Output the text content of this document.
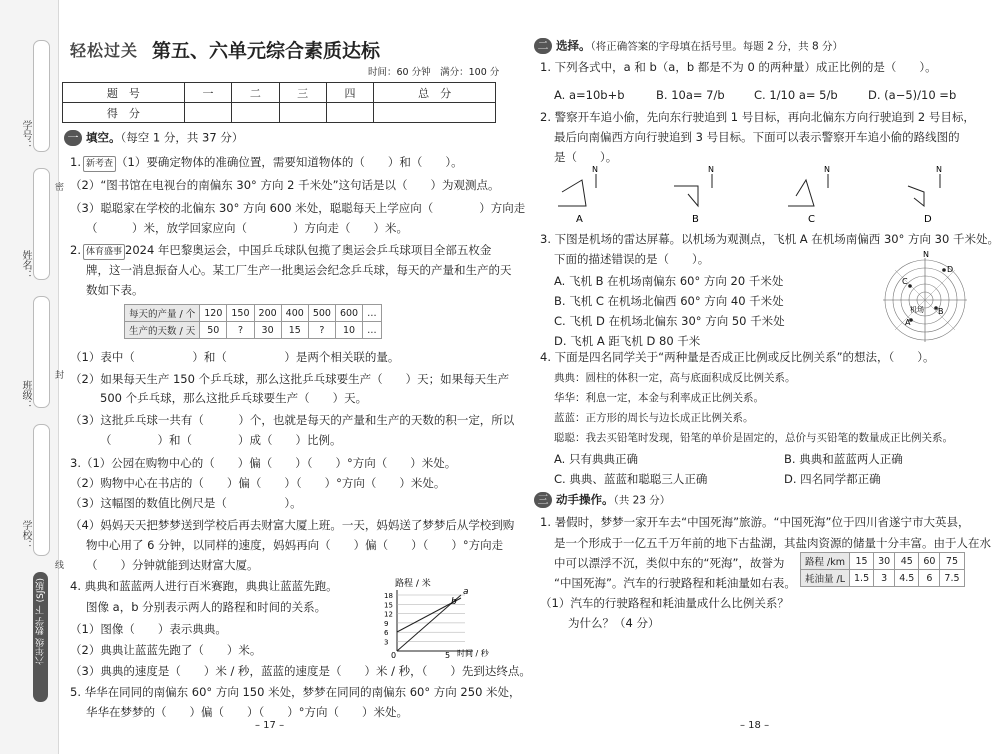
学号：
姓名：
班级：
学校：
密
封
线
六年级 数学 下 (SJ版)
轻松过关 第五、六单元综合素质达标
时间：60 分钟　满分：100 分
题　号	一	二	三	四	总　分
得　分					
一 填空。（每空 1 分，共 37 分）
1. 新考查 （1）要确定物体的准确位置，需要知道物体的（　　）和（　　）。
（2）“图书馆在电视台的南偏东 30° 方向 2 千米处”这句话是以（　　）为观测点。
（3）聪聪家在学校的北偏东 30° 方向 600 米处，聪聪每天上学应向（　　　　）方向走
（　　　）米，放学回家应向（　　　　）方向走（　　）米。
2. 体育盛事 2024 年巴黎奥运会，中国乒乓球队包揽了奥运会乒乓球项目全部五枚金
牌，这一消息振奋人心。某工厂生产一批奥运会纪念乒乓球，每天的产量和生产的天
数如下表。
每天的产量 / 个	120	150	200	400	500	600	…
生产的天数 / 天	50	?	30	15	?	10	…
（1）表中（　　　　　）和（　　　　　）是两个相关联的量。
（2）如果每天生产 150 个乒乓球，那么这批乒乓球要生产（　　）天；如果每天生产
500 个乒乓球，那么这批乒乓球要生产（　　）天。
（3）这批乒乓球一共有（　　　）个，也就是每天的产量和生产的天数的积一定，所以
（　　　　）和（　　　　）成（　　）比例。
3.（1）公园在购物中心的（　　）偏（　　）（　　）°方向（　　）米处。
（2）购物中心在书店的（　　）偏（　　）（　　）°方向（　　）米处。
（3）这幅图的数值比例尺是（　　　　　）。
（4）妈妈天天把梦梦送到学校后再去财富大厦上班。一天，妈妈送了梦梦后从学校到购
物中心用了 6 分钟，以同样的速度，妈妈再向（　　）偏（　　）（　　）°方向走
（　　）分钟就能到达财富大厦。
4. 典典和蓝蓝两人进行百米赛跑，典典让蓝蓝先跑。
图像 a，b 分别表示两人的路程和时间的关系。
（1）图像（　　）表示典典。
（2）典典让蓝蓝先跑了（　　）米。
（3）典典的速度是（　　）米 / 秒，蓝蓝的速度是（　　）米 / 秒，（　　）先到达终点。
路程 / 米
18
15
12
9
6
3
0	5 时间 / 秒
a
b
5. 华华在同同的南偏东 60° 方向 150 米处，梦梦在同同的南偏东 60° 方向 250 米处，
华华在梦梦的（　　）偏（　　）（　　）°方向（　　）米处。
– 17 –
二 选择。（将正确答案的字母填在括号里。每题 2 分，共 8 分）
1. 下列各式中，a 和 b（a，b 都是不为 0 的两种量）成正比例的是（　　）。
A. a=10b+b	B. 10a= 7/b	C. 1/10 a= 5/b	D. (a−5)/10 =b
2. 警察开车追小偷，先向东行驶追到 1 号目标，再向北偏东方向行驶追到 2 号目标，
最后向南偏西方向行驶追到 3 号目标。下面可以表示警察开车追小偷的路线图的
是（　　）。
N
A
N
B
N
C
N
D
3. 下图是机场的雷达屏幕。以机场为观测点，飞机 A 在机场南偏西 30° 方向 30 千米处。
下面的描述错误的是（　　）。
A. 飞机 B 在机场南偏东 60° 方向 20 千米处
B. 飞机 C 在机场北偏西 60° 方向 40 千米处
C. 飞机 D 在机场北偏东 30° 方向 50 千米处
D. 飞机 A 距飞机 D 80 千米
N
机场
A
B
C
D
4. 下面是四名同学关于“两种量是否成正比例或反比例关系”的想法，（　　）。
典典：圆柱的体积一定，高与底面积成反比例关系。
华华：利息一定，本金与利率成正比例关系。
蓝蓝：正方形的周长与边长成正比例关系。
聪聪：我去买铅笔时发现，铅笔的单价是固定的，总价与买铅笔的数量成正比例关系。
A. 只有典典正确	B. 典典和蓝蓝两人正确
C. 典典、蓝蓝和聪聪三人正确	D. 四名同学都正确
三 动手操作。（共 23 分）
1. 暑假时，梦梦一家开车去“中国死海”旅游。“中国死海”位于四川省遂宁市大英县，
是一个形成于一亿五千万年前的地下古盐湖，其盐肉资源的储量十分丰富。由于人在水
中可以漂浮不沉，类似中东的“死海”，故誉为
“中国死海”。汽车的行驶路程和耗油量如右表。
路程 /km	15	30	45	60	75
耗油量 /L	1.5	3	4.5	6	7.5
（1）汽车的行驶路程和耗油量成什么比例关系？
为什么？（4 分）
– 18 –
